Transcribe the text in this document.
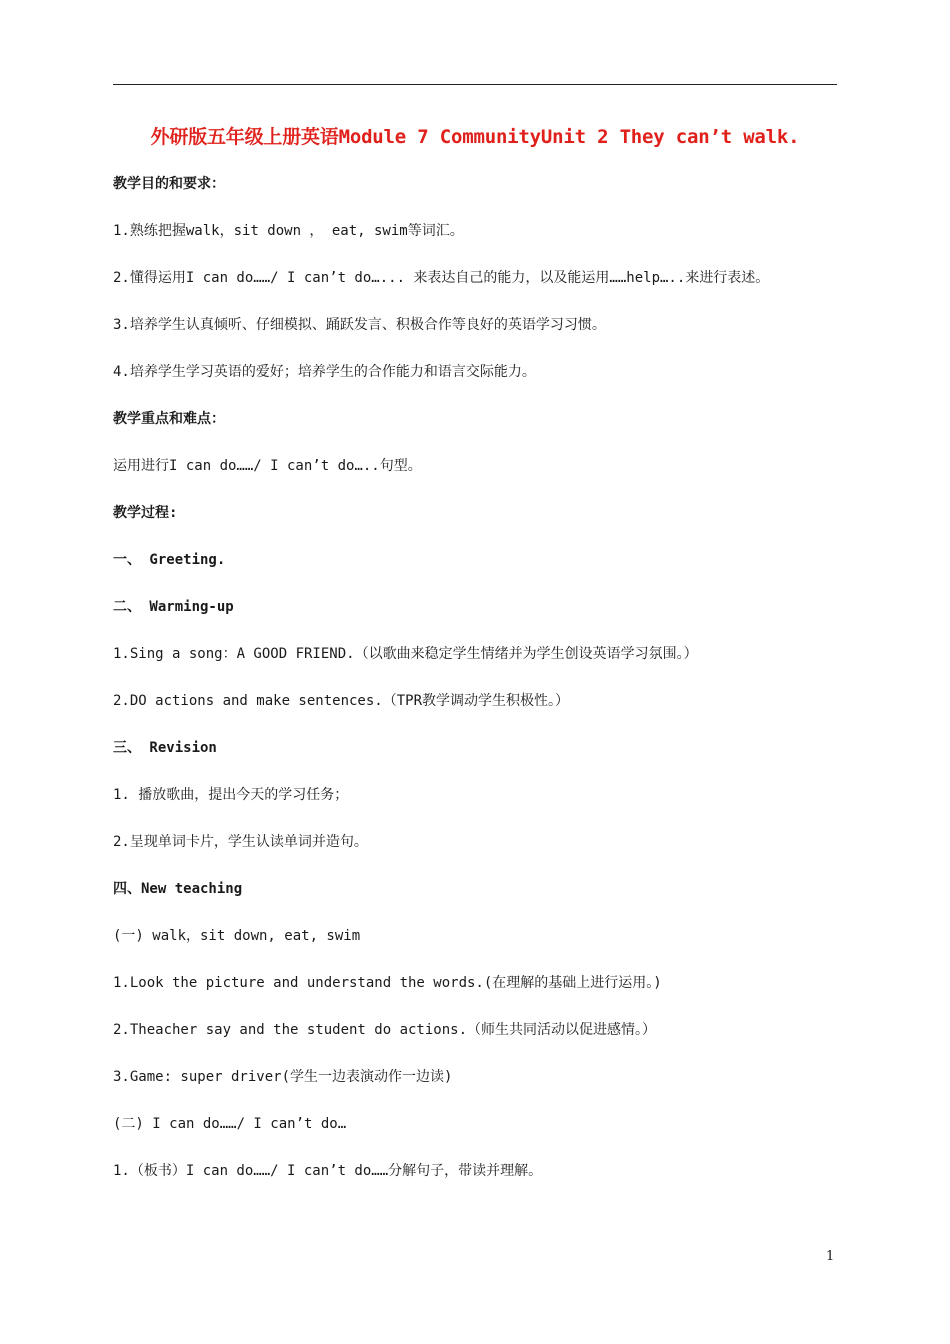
外研版五年级上册英语Module 7 CommunityUnit 2 They can’t walk.

教学目的和要求：

1.熟练把握walk，sit down ， eat, swim等词汇。

2.懂得运用I can do……/ I can’t do…... 来表达自己的能力，以及能运用……help…..来进行表述。

3.培养学生认真倾听、仔细模拟、踊跃发言、积极合作等良好的英语学习习惯。

4.培养学生学习英语的爱好；培养学生的合作能力和语言交际能力。

教学重点和难点：

运用进行I can do……/ I can’t do…..句型。

教学过程:

一、 Greeting.

二、 Warming-up

1.Sing a song：A GOOD FRIEND.（以歌曲来稳定学生情绪并为学生创设英语学习氛围。）

2.DO actions and make sentences.（TPR教学调动学生积极性。）

三、 Revision

1. 播放歌曲，提出今天的学习任务；

2.呈现单词卡片，学生认读单词并造句。

四、New teaching

(一) walk，sit down, eat, swim

1.Look the picture and understand the words.(在理解的基础上进行运用。)

2.Theacher say and the student do actions.（师生共同活动以促进感情。）

3.Game: super driver(学生一边表演动作一边读)

(二) I can do……/ I can’t do…

1.（板书）I can do……/ I can’t do……分解句子，带读并理解。

1
